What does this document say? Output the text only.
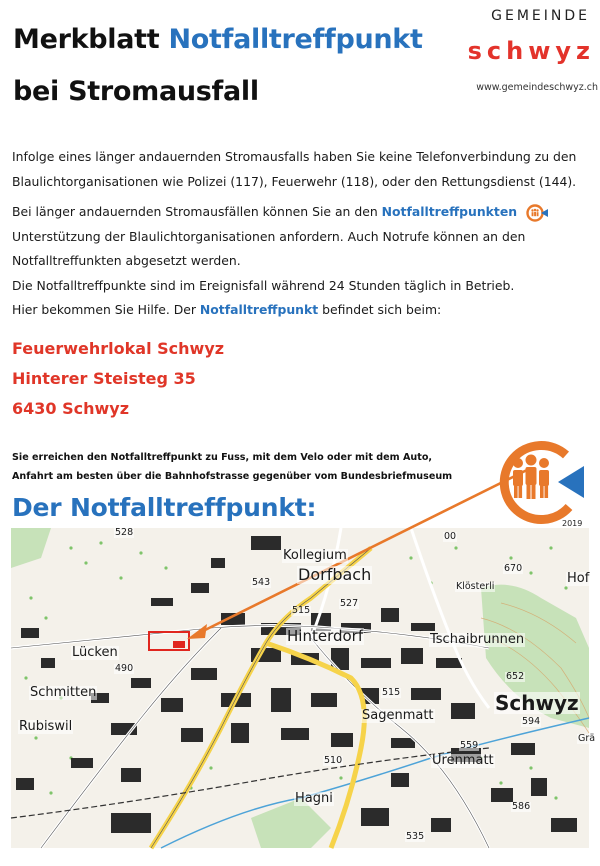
Merkblatt Notfalltreffpunkt
bei Stromausfall
GEMEINDE
schwyz
www.gemeindeschwyz.ch

Infolge eines länger andauernden Stromausfalls haben Sie keine Telefonverbindung zu den Blaulichtorganisationen wie Polizei (117), Feuerwehr (118), oder den Rettungsdienst (144).

Bei länger andauernden Stromausfällen können Sie an den Notfalltreffpunkten
Unterstützung der Blaulichtorganisationen anfordern. Auch Notrufe können an den Notfalltreffunkten abgesetzt werden.
Die Notfalltreffpunkte sind im Ereignisfall während 24 Stunden täglich in Betrieb.
Hier bekommen Sie Hilfe. Der Notfalltreffpunkt befindet sich beim:
Feuerwehrlokal Schwyz
Hinterer Steisteg 35
6430 Schwyz
Sie erreichen den Notfalltreffpunkt zu Fuss, mit dem Velo oder mit dem Auto,
Anfahrt am besten über die Bahnhofstrasse gegenüber vom Bundesbriefmuseum
2019
Der Notfalltreffpunkt:
528
Kollegium
Dorfbach
543
515
527
Hinterdorf	Tschaibrunnen
00
670
Klösterli
Hof
Lücken
490
Schmitten	515
652
Rubiswil
Schwyz
Sagenmatt	594
Grä
559
510	Urenmatt
Hagni
586
535
